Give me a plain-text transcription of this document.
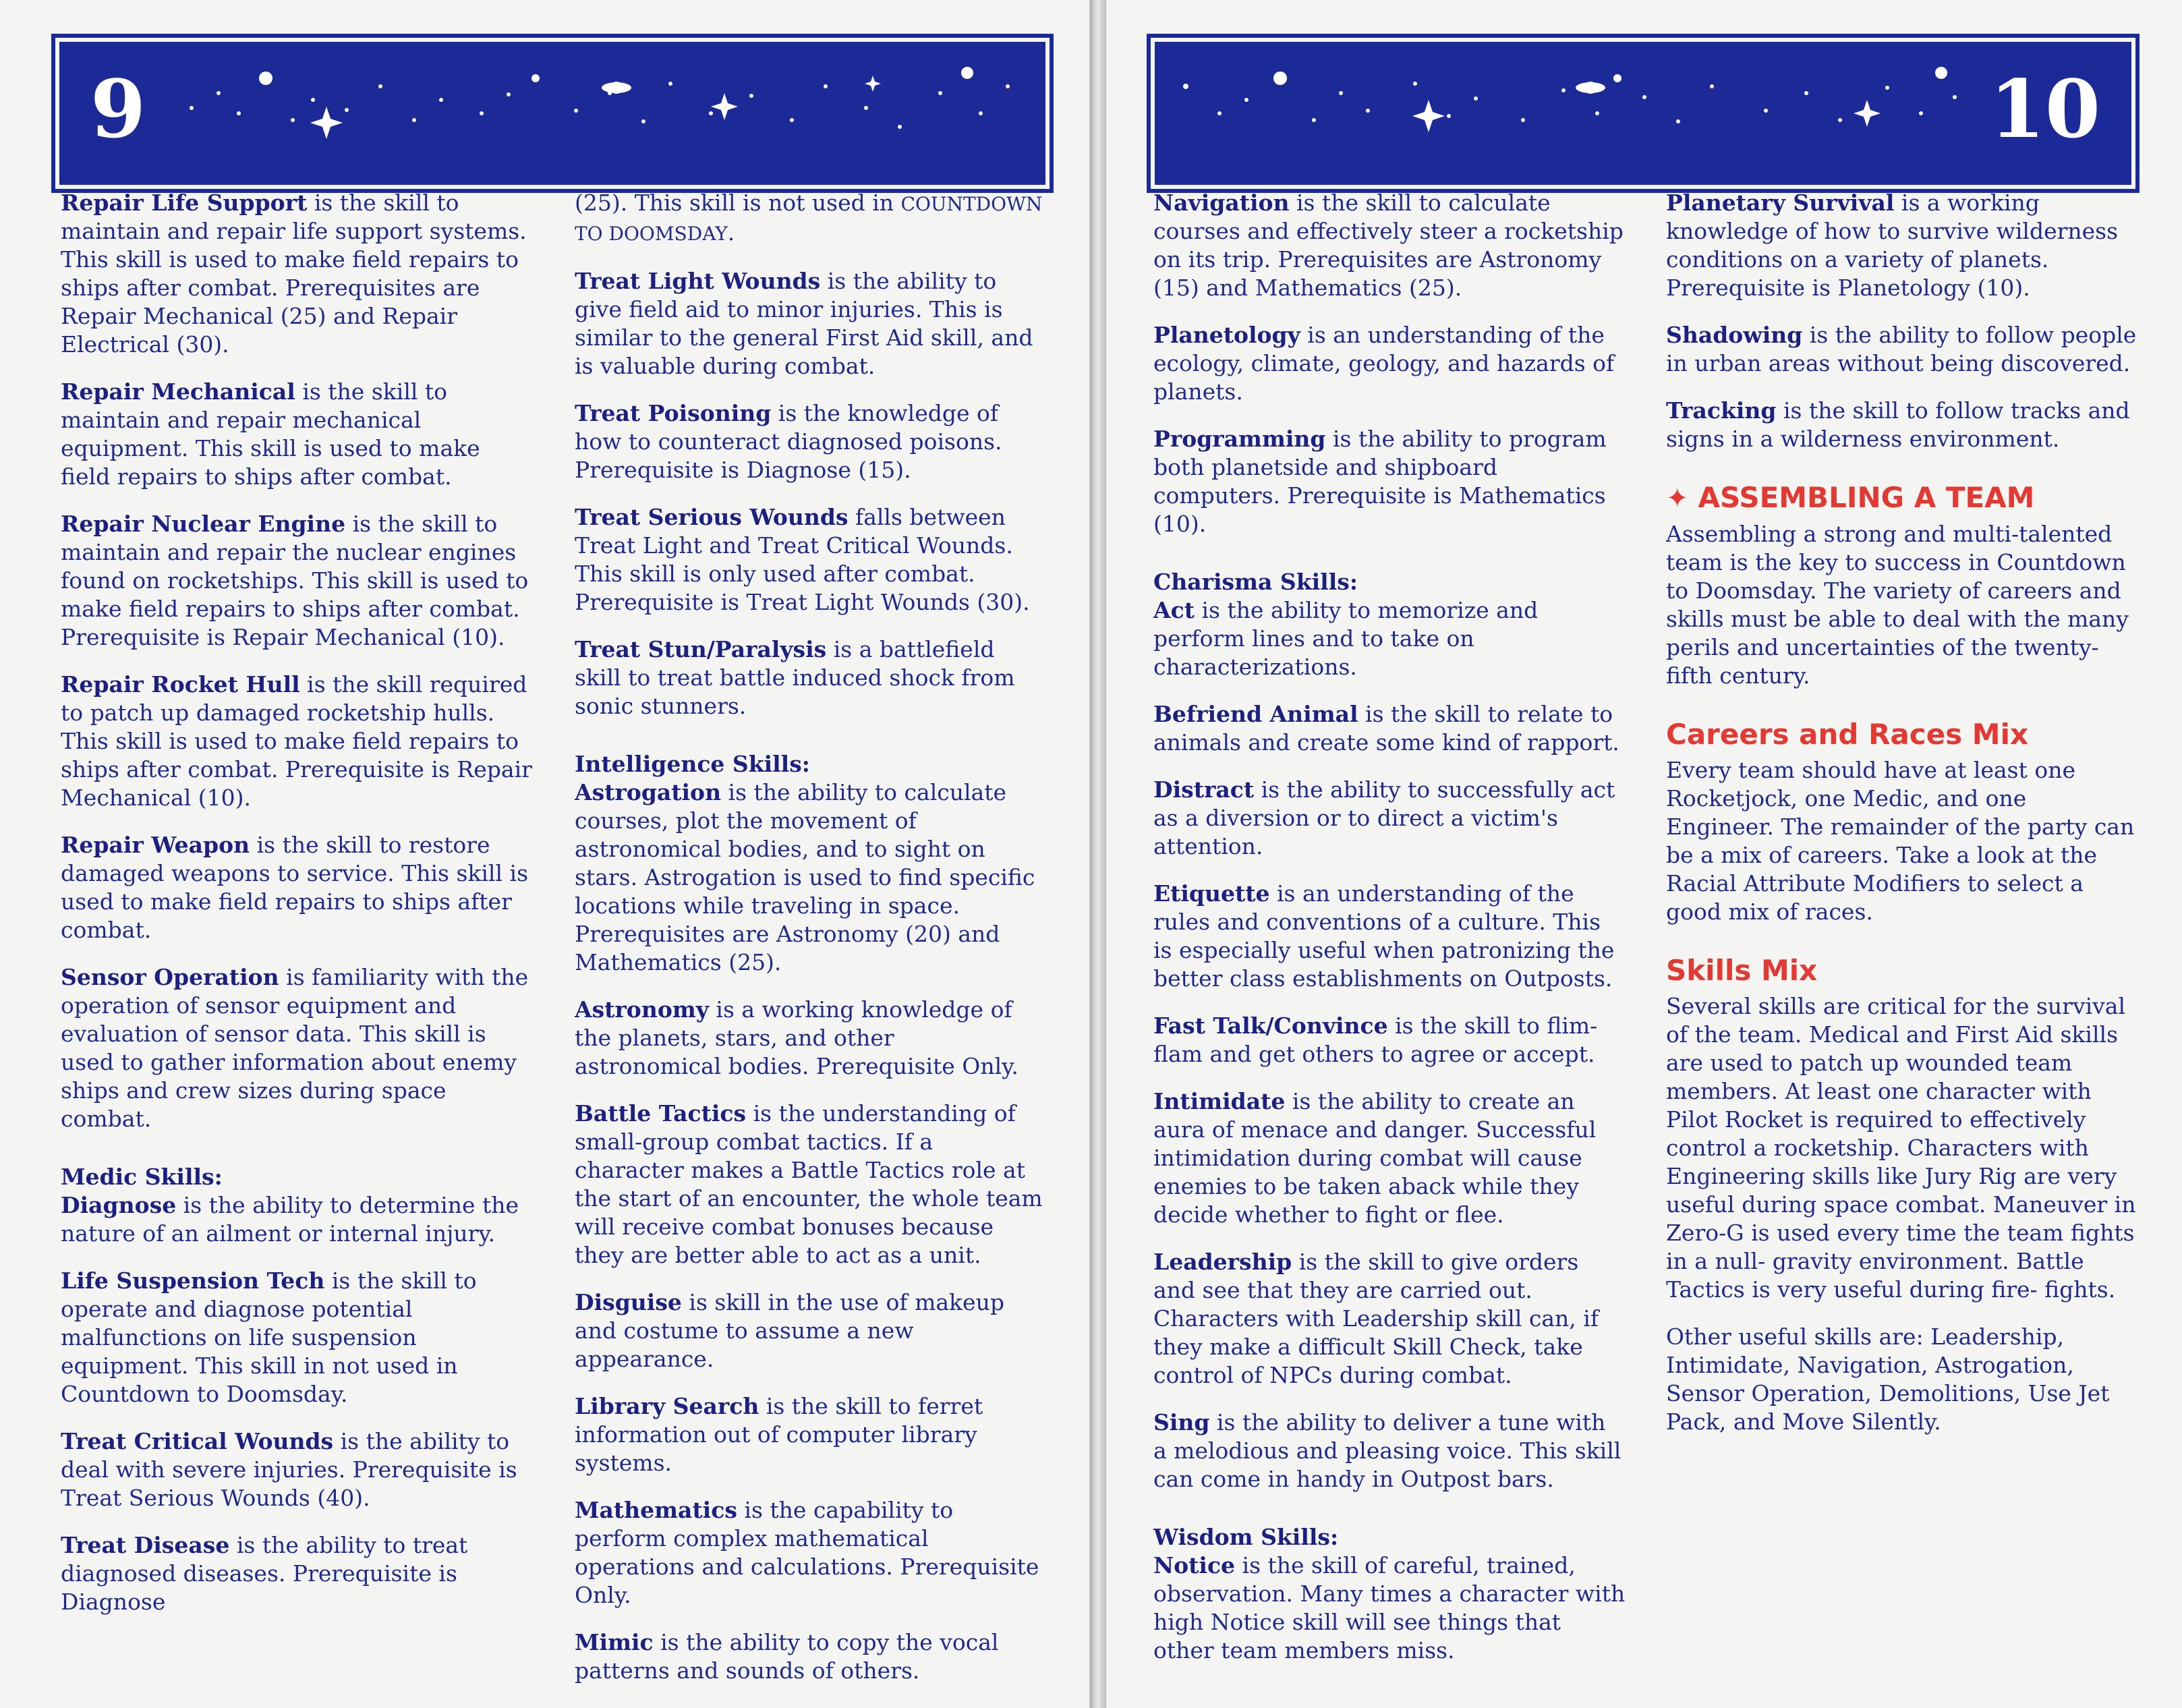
9

Repair Life Support is the skill to maintain and repair life support systems. This skill is used to make field repairs to ships after combat. Prerequisites are Repair Mechanical (25) and Repair Electrical (30).

Repair Mechanical is the skill to maintain and repair mechanical equipment. This skill is used to make field repairs to ships after combat.

Repair Nuclear Engine is the skill to maintain and repair the nuclear engines found on rocketships. This skill is used to make field repairs to ships after combat. Prerequisite is Repair Mechanical (10).

Repair Rocket Hull is the skill required to patch up damaged rocketship hulls. This skill is used to make field repairs to ships after combat. Prerequisite is Repair Mechanical (10).

Repair Weapon is the skill to restore damaged weapons to service. This skill is used to make field repairs to ships after combat.

Sensor Operation is familiarity with the operation of sensor equipment and evaluation of sensor data. This skill is used to gather information about enemy ships and crew sizes during space combat.

Medic Skills:

Diagnose is the ability to determine the nature of an ailment or internal injury.

Life Suspension Tech is the skill to operate and diagnose potential malfunctions on life suspension equipment. This skill in not used in Countdown to Doomsday.

Treat Critical Wounds is the ability to deal with severe injuries. Prerequisite is Treat Serious Wounds (40).

Treat Disease is the ability to treat diagnosed diseases. Prerequisite is Diagnose

(25). This skill is not used in COUNTDOWN TO DOOMSDAY.

Treat Light Wounds is the ability to give field aid to minor injuries. This is similar to the general First Aid skill, and is valuable during combat.

Treat Poisoning is the knowledge of how to counteract diagnosed poisons. Prerequisite is Diagnose (15).

Treat Serious Wounds falls between Treat Light and Treat Critical Wounds. This skill is only used after combat. Prerequisite is Treat Light Wounds (30).

Treat Stun/Paralysis is a battlefield skill to treat battle induced shock from sonic stunners.

Intelligence Skills:

Astrogation is the ability to calculate courses, plot the movement of astronomical bodies, and to sight on stars. Astrogation is used to find specific locations while traveling in space. Prerequisites are Astronomy (20) and Mathematics (25).

Astronomy is a working knowledge of the planets, stars, and other astronomical bodies. Prerequisite Only.

Battle Tactics is the understanding of small-group combat tactics. If a character makes a Battle Tactics role at the start of an encounter, the whole team will receive combat bonuses because they are better able to act as a unit.

Disguise is skill in the use of makeup and costume to assume a new appearance.

Library Search is the skill to ferret information out of computer library systems.

Mathematics is the capability to perform complex mathematical operations and calculations. Prerequisite Only.

Mimic is the ability to copy the vocal patterns and sounds of others.

10

Navigation is the skill to calculate courses and effectively steer a rocketship on its trip. Prerequisites are Astronomy (15) and Mathematics (25).

Planetology is an understanding of the ecology, climate, geology, and hazards of planets.

Programming is the ability to program both planetside and shipboard computers. Prerequisite is Mathematics (10).

Charisma Skills:

Act is the ability to memorize and perform lines and to take on characterizations.

Befriend Animal is the skill to relate to animals and create some kind of rapport.

Distract is the ability to successfully act as a diversion or to direct a victim's attention.

Etiquette is an understanding of the rules and conventions of a culture. This is especially useful when patronizing the better class establishments on Outposts.

Fast Talk/Convince is the skill to flim-flam and get others to agree or accept.

Intimidate is the ability to create an aura of menace and danger. Successful intimidation during combat will cause enemies to be taken aback while they decide whether to fight or flee.

Leadership is the skill to give orders and see that they are carried out. Characters with Leadership skill can, if they make a difficult Skill Check, take control of NPCs during combat.

Sing is the ability to deliver a tune with a melodious and pleasing voice. This skill can come in handy in Outpost bars.

Wisdom Skills:

Notice is the skill of careful, trained, observation. Many times a character with high Notice skill will see things that other team members miss.

Planetary Survival is a working knowledge of how to survive wilderness conditions on a variety of planets. Prerequisite is Planetology (10).

Shadowing is the ability to follow people in urban areas without being discovered.

Tracking is the skill to follow tracks and signs in a wilderness environment.

✦ ASSEMBLING A TEAM

Assembling a strong and multi-talented team is the key to success in Countdown to Doomsday. The variety of careers and skills must be able to deal with the many perils and uncertainties of the twenty-fifth century.

Careers and Races Mix

Every team should have at least one Rocketjock, one Medic, and one Engineer. The remainder of the party can be a mix of careers. Take a look at the Racial Attribute Modifiers to select a good mix of races.

Skills Mix

Several skills are critical for the survival of the team. Medical and First Aid skills are used to patch up wounded team members. At least one character with Pilot Rocket is required to effectively control a rocketship. Characters with Engineering skills like Jury Rig are very useful during space combat. Maneuver in Zero-G is used every time the team fights in a null- gravity environment. Battle Tactics is very useful during fire- fights.

Other useful skills are: Leadership, Intimidate, Navigation, Astrogation, Sensor Operation, Demolitions, Use Jet Pack, and Move Silently.
